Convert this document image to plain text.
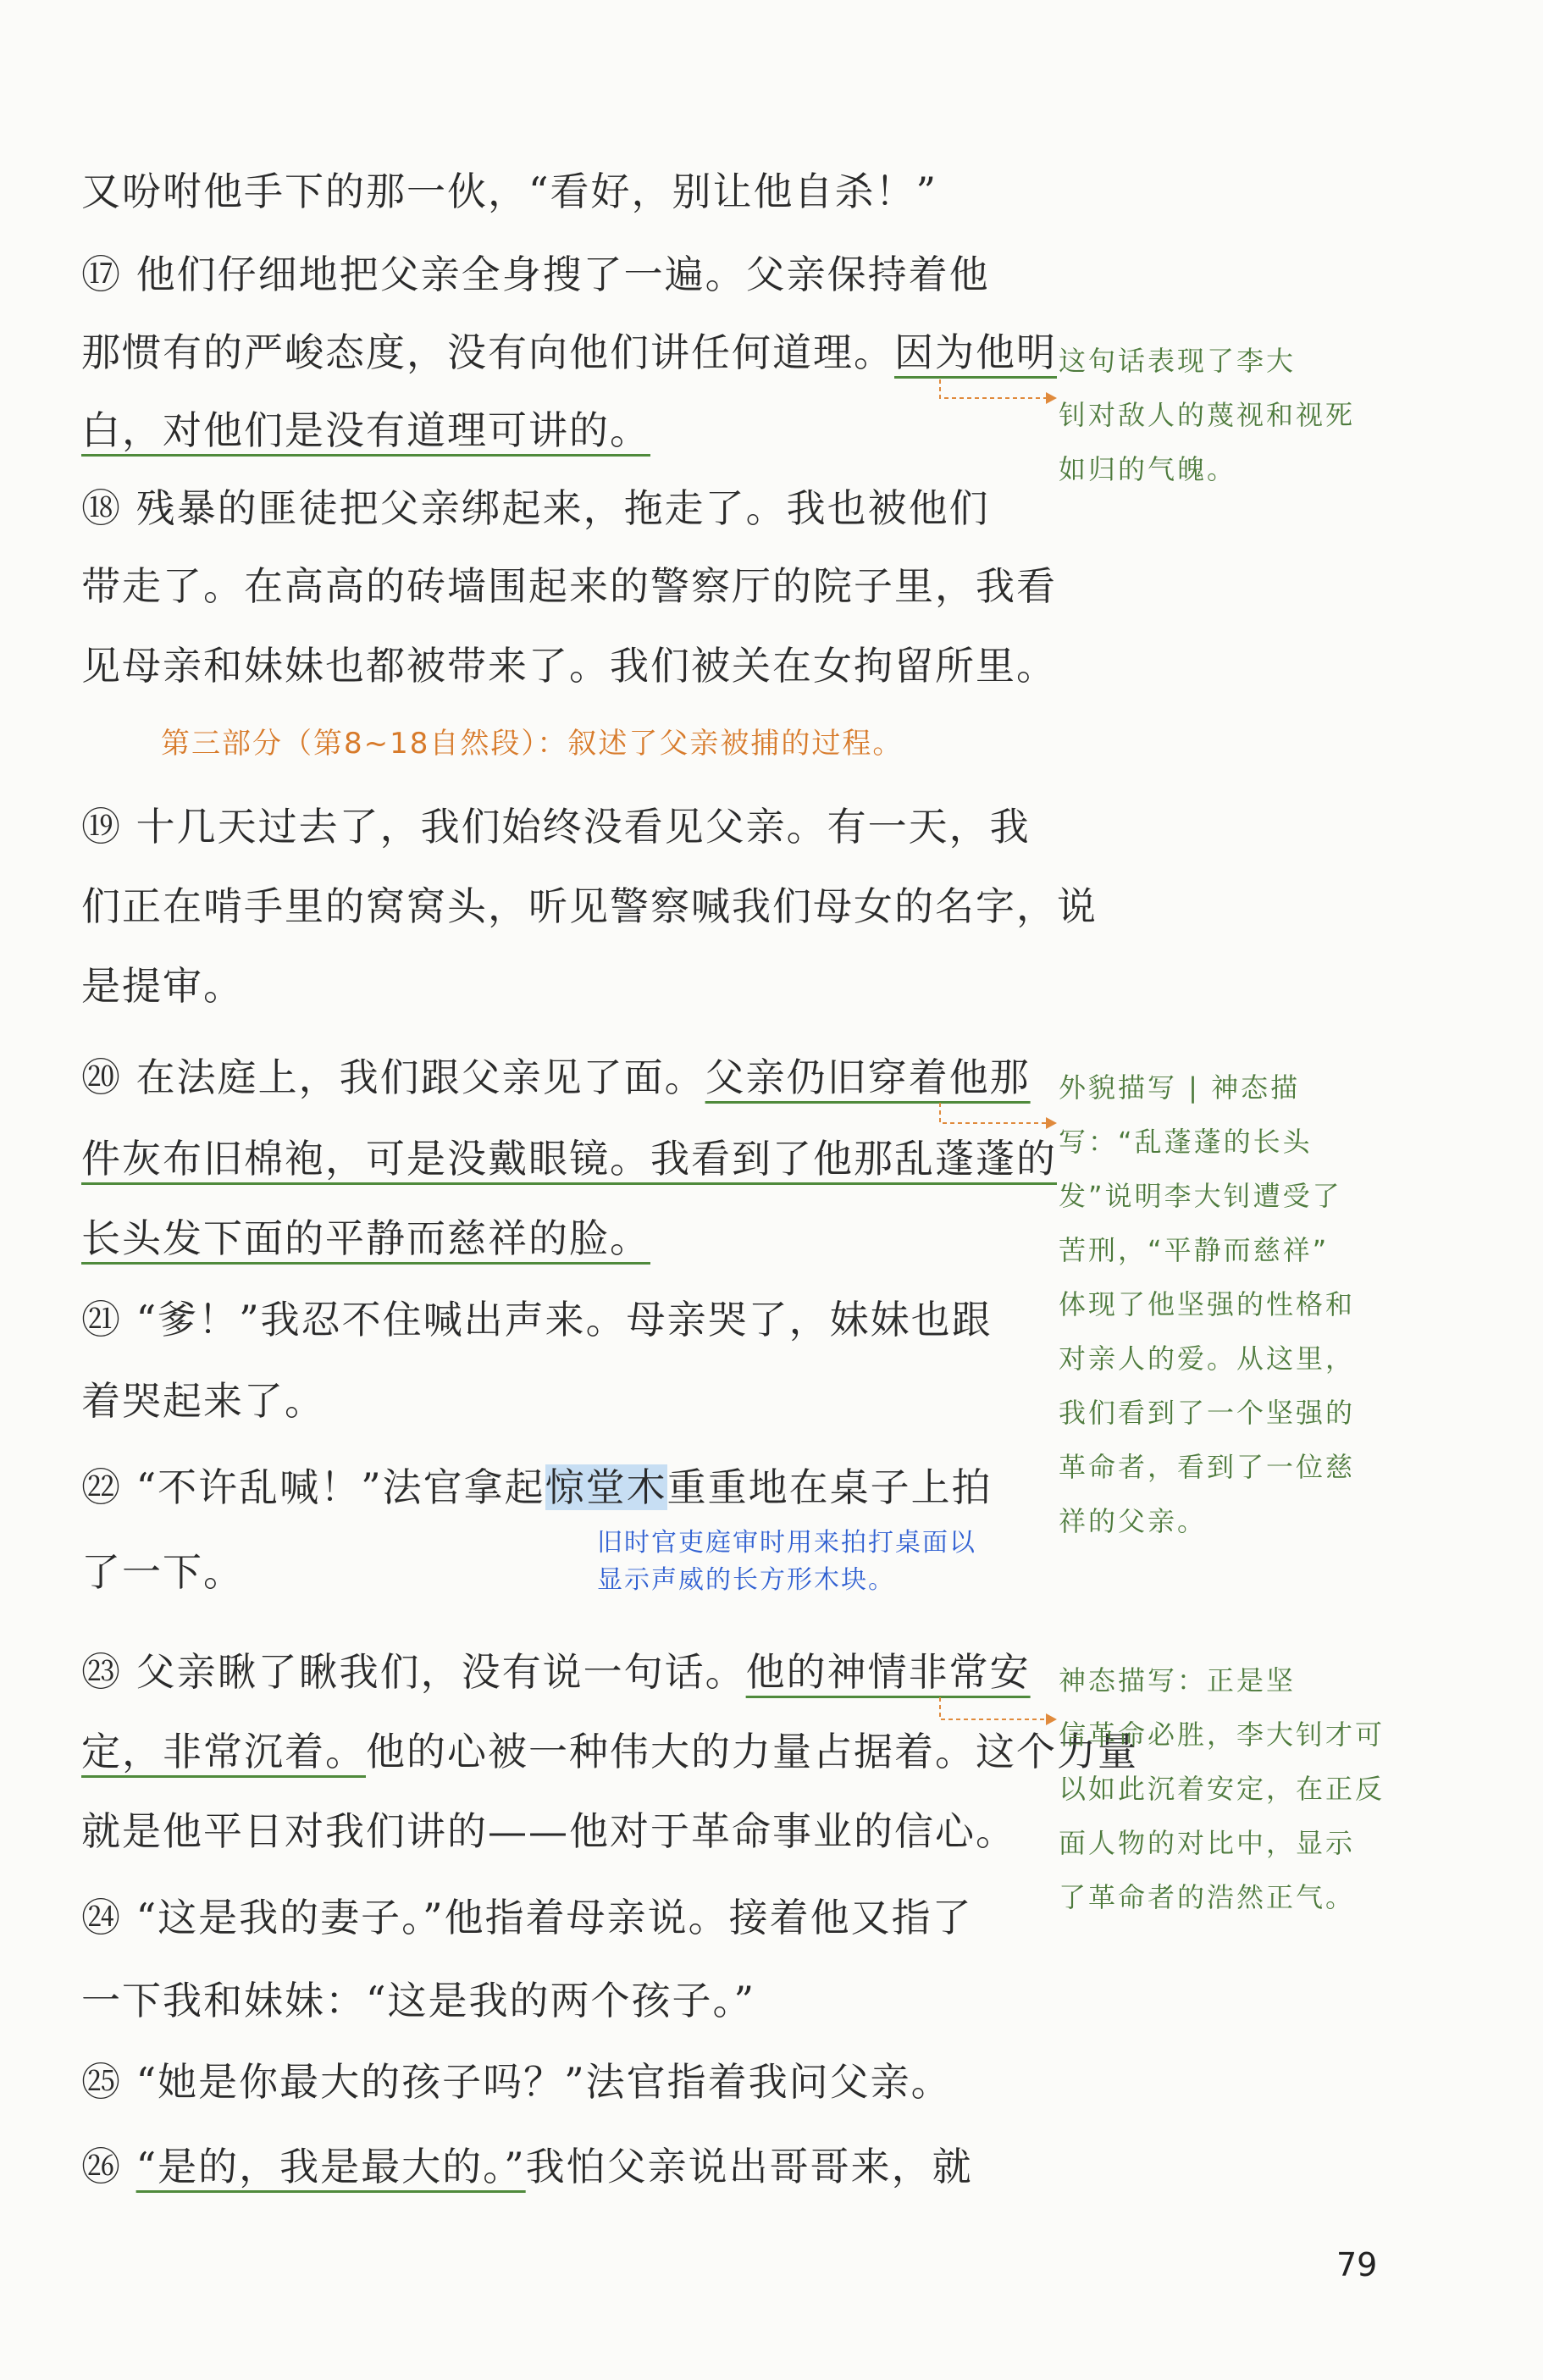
又吩咐他手下的那一伙，“看好，别让他自杀！”
⑰ 他们仔细地把父亲全身搜了一遍。父亲保持着他
那惯有的严峻态度，没有向他们讲任何道理。因为他明
白，对他们是没有道理可讲的。
⑱ 残暴的匪徒把父亲绑起来，拖走了。我也被他们
带走了。在高高的砖墙围起来的警察厅的院子里，我看
见母亲和妹妹也都被带来了。我们被关在女拘留所里。
第三部分（第8~18自然段）：叙述了父亲被捕的过程。
⑲ 十几天过去了，我们始终没看见父亲。有一天，我
们正在啃手里的窝窝头，听见警察喊我们母女的名字，说
是提审。
⑳ 在法庭上，我们跟父亲见了面。父亲仍旧穿着他那
件灰布旧棉袍，可是没戴眼镜。我看到了他那乱蓬蓬的
长头发下面的平静而慈祥的脸。
㉑ “爹！”我忍不住喊出声来。母亲哭了，妹妹也跟
着哭起来了。
㉒ “不许乱喊！”法官拿起惊堂木重重地在桌子上拍
旧时官吏庭审时用来拍打桌面以
显示声威的长方形木块。
了一下。
㉓ 父亲瞅了瞅我们，没有说一句话。他的神情非常安
定，非常沉着。他的心被一种伟大的力量占据着。这个力量
就是他平日对我们讲的——他对于革命事业的信心。
㉔ “这是我的妻子。”他指着母亲说。接着他又指了
一下我和妹妹：“这是我的两个孩子。”
㉕ “她是你最大的孩子吗？”法官指着我问父亲。
㉖ “是的，我是最大的。”我怕父亲说出哥哥来，就
这句话表现了李大
钊对敌人的蔑视和视死
如归的气魄。
外貌描写 | 神态描
写：“乱蓬蓬的长头
发”说明李大钊遭受了
苦刑，“平静而慈祥”
体现了他坚强的性格和
对亲人的爱。从这里，
我们看到了一个坚强的
革命者，看到了一位慈
祥的父亲。
神态描写：正是坚
信革命必胜，李大钊才可
以如此沉着安定，在正反
面人物的对比中，显示
了革命者的浩然正气。
79
